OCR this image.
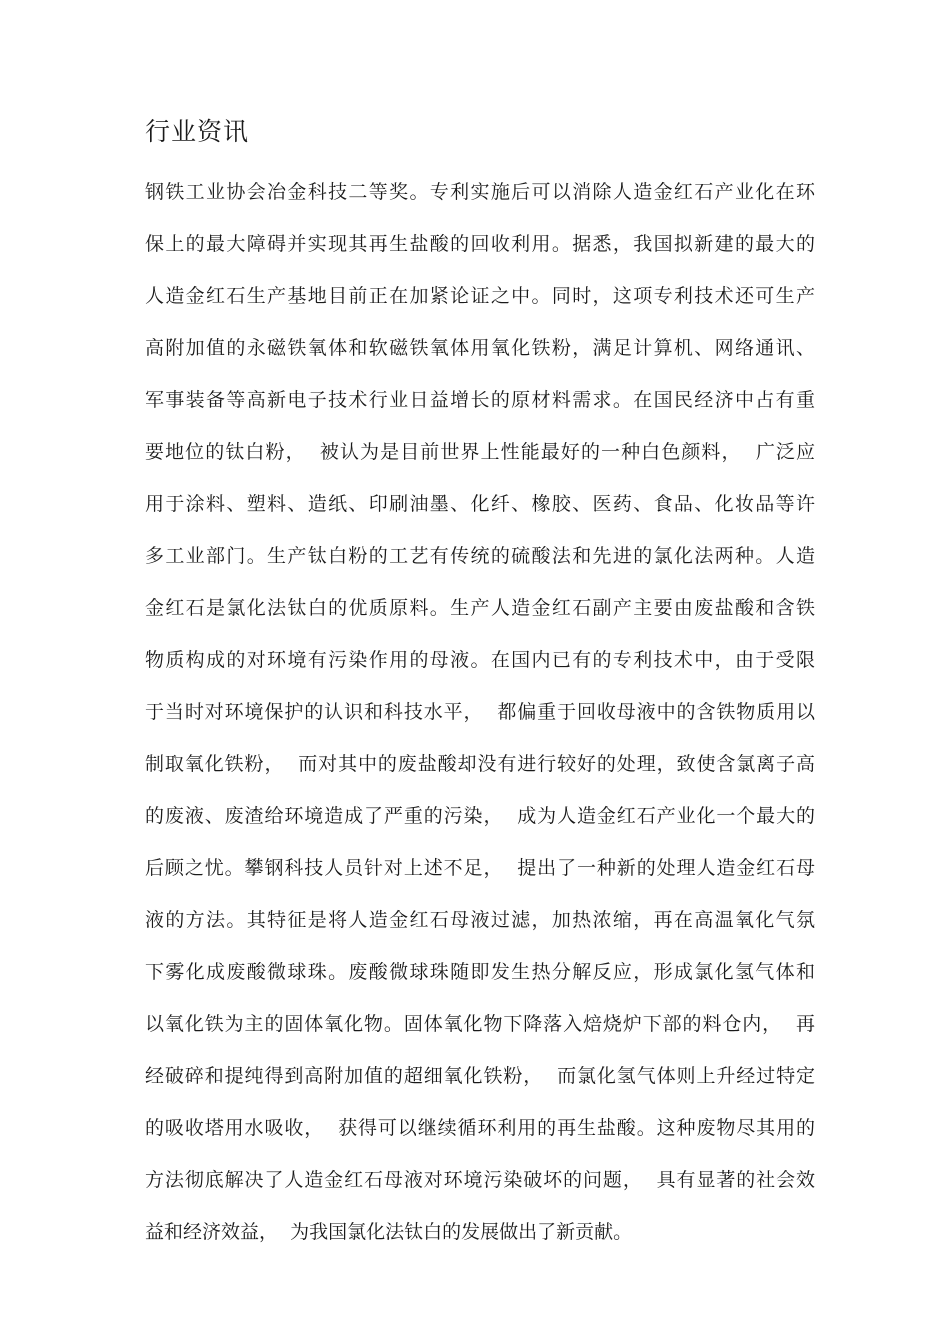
行业资讯
钢铁工业协会冶金科技二等奖。专利实施后可以消除人造金红石产业化在环
保上的最大障碍并实现其再生盐酸的回收利用。据悉，我国拟新建的最大的
人造金红石生产基地目前正在加紧论证之中。同时，这项专利技术还可生产
高附加值的永磁铁氧体和软磁铁氧体用氧化铁粉，满足计算机、网络通讯、
军事装备等高新电子技术行业日益增长的原材料需求。在国民经济中占有重
要地位的钛白粉，  被认为是目前世界上性能最好的一种白色颜料，  广泛应
用于涂料、塑料、造纸、印刷油墨、化纤、橡胶、医药、食品、化妆品等许
多工业部门。生产钛白粉的工艺有传统的硫酸法和先进的氯化法两种。人造
金红石是氯化法钛白的优质原料。生产人造金红石副产主要由废盐酸和含铁
物质构成的对环境有污染作用的母液。在国内已有的专利技术中，由于受限
于当时对环境保护的认识和科技水平，  都偏重于回收母液中的含铁物质用以
制取氧化铁粉，  而对其中的废盐酸却没有进行较好的处理，致使含氯离子高
的废液、废渣给环境造成了严重的污染，  成为人造金红石产业化一个最大的
后顾之忧。攀钢科技人员针对上述不足，  提出了一种新的处理人造金红石母
液的方法。其特征是将人造金红石母液过滤，加热浓缩，再在高温氧化气氛
下雾化成废酸微球珠。废酸微球珠随即发生热分解反应，形成氯化氢气体和
以氧化铁为主的固体氧化物。固体氧化物下降落入焙烧炉下部的料仓内，  再
经破碎和提纯得到高附加值的超细氧化铁粉，  而氯化氢气体则上升经过特定
的吸收塔用水吸收，  获得可以继续循环利用的再生盐酸。这种废物尽其用的
方法彻底解决了人造金红石母液对环境污染破坏的问题，  具有显著的社会效
益和经济效益，  为我国氯化法钛白的发展做出了新贡献。
